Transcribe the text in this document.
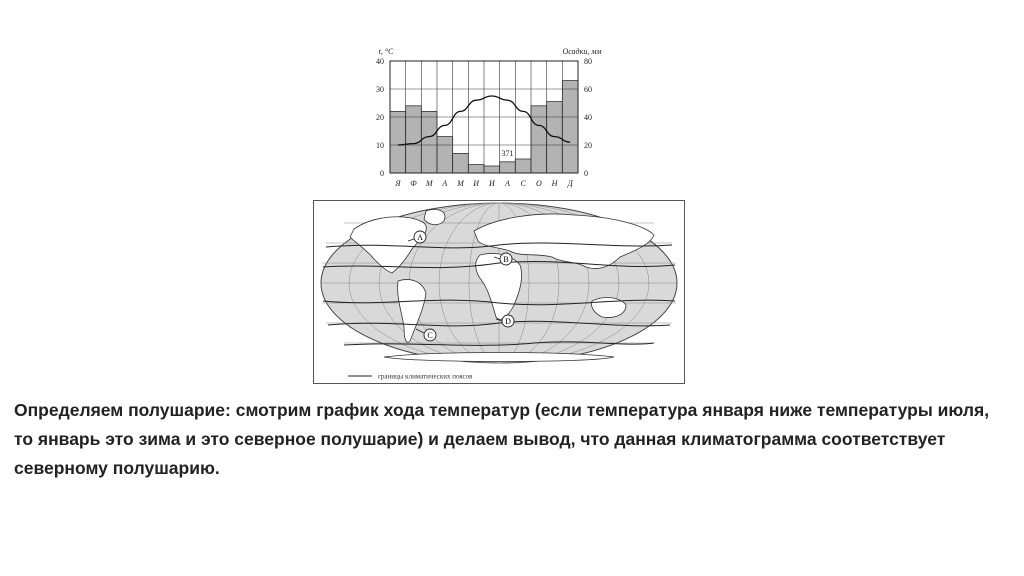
0
10
20
30
40
0
20
40
60
80
t, °C	Осадки, мм
Я Ф М А М И И А С О Н Д
371
A
B
C
D
границы климатических поясов
Определяем полушарие: смотрим график хода температур (если температура января ниже температуры июля, то январь это зима и это северное полушарие) и делаем вывод, что данная климатограмма соответствует северному полушарию.
